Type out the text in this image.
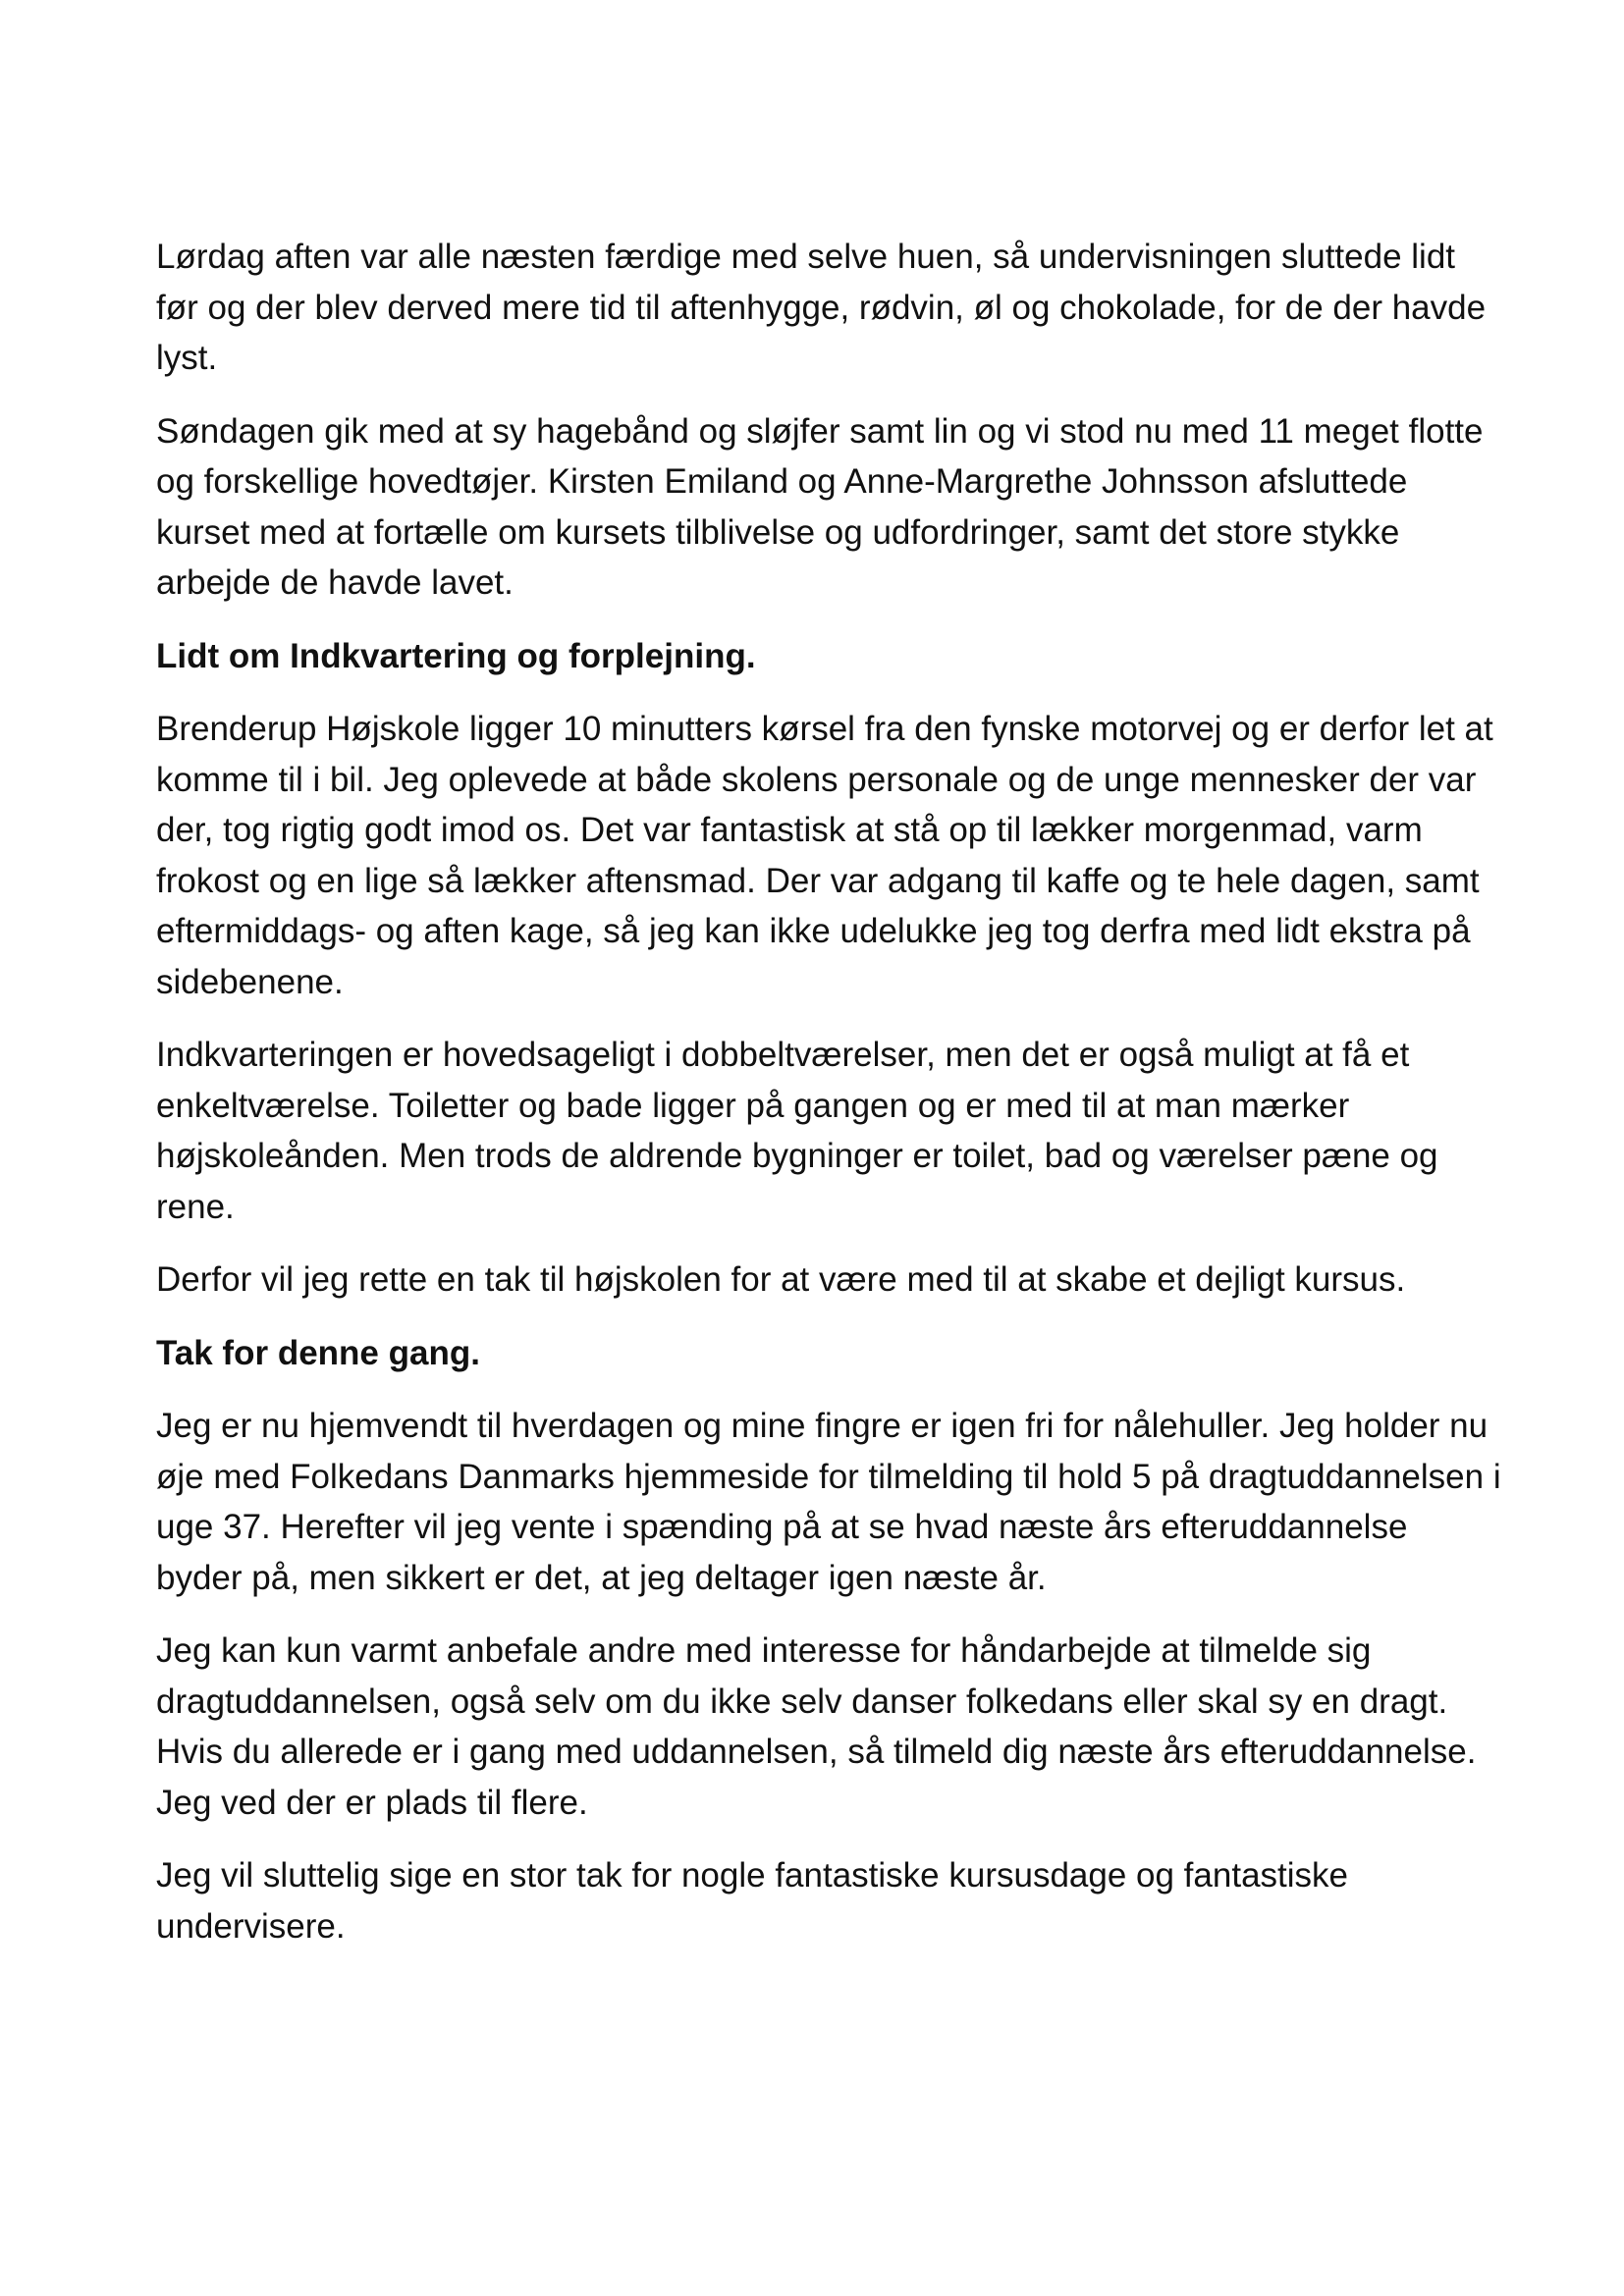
Lørdag aften var alle næsten færdige med selve huen, så undervisningen sluttede lidt før og der blev derved mere tid til aftenhygge, rødvin, øl og chokolade, for de der havde lyst.

Søndagen gik med at sy hagebånd og sløjfer samt lin og vi stod nu med 11 meget flotte og forskellige hovedtøjer. Kirsten Emiland og Anne-Margrethe Johnsson afsluttede kurset med at fortælle om kursets tilblivelse og udfordringer, samt det store stykke arbejde de havde lavet.

Lidt om Indkvartering og forplejning.

Brenderup Højskole ligger 10 minutters kørsel fra den fynske motorvej og er derfor let at komme til i bil. Jeg oplevede at både skolens personale og de unge mennesker der var der, tog rigtig godt imod os. Det var fantastisk at stå op til lækker morgenmad, varm frokost og en lige så lækker aftensmad. Der var adgang til kaffe og te hele dagen, samt eftermiddags- og aften kage, så jeg kan ikke udelukke jeg tog derfra med lidt ekstra på sidebenene.

Indkvarteringen er hovedsageligt i dobbeltværelser, men det er også muligt at få et enkeltværelse. Toiletter og bade ligger på gangen og er med til at man mærker højskoleånden. Men trods de aldrende bygninger er toilet, bad og værelser pæne og rene.

Derfor vil jeg rette en tak til højskolen for at være med til at skabe et dejligt kursus.

Tak for denne gang.

Jeg er nu hjemvendt til hverdagen og mine fingre er igen fri for nålehuller. Jeg holder nu øje med Folkedans Danmarks hjemmeside for tilmelding til hold 5 på dragtuddannelsen i uge 37. Herefter vil jeg vente i spænding på at se hvad næste års efteruddannelse byder på, men sikkert er det, at jeg deltager igen næste år.

Jeg kan kun varmt anbefale andre med interesse for håndarbejde at tilmelde sig dragtuddannelsen, også selv om du ikke selv danser folkedans eller skal sy en dragt. Hvis du allerede er i gang med uddannelsen, så tilmeld dig næste års efteruddannelse. Jeg ved der er plads til flere.

Jeg vil sluttelig sige en stor tak for nogle fantastiske kursusdage og fantastiske undervisere.
